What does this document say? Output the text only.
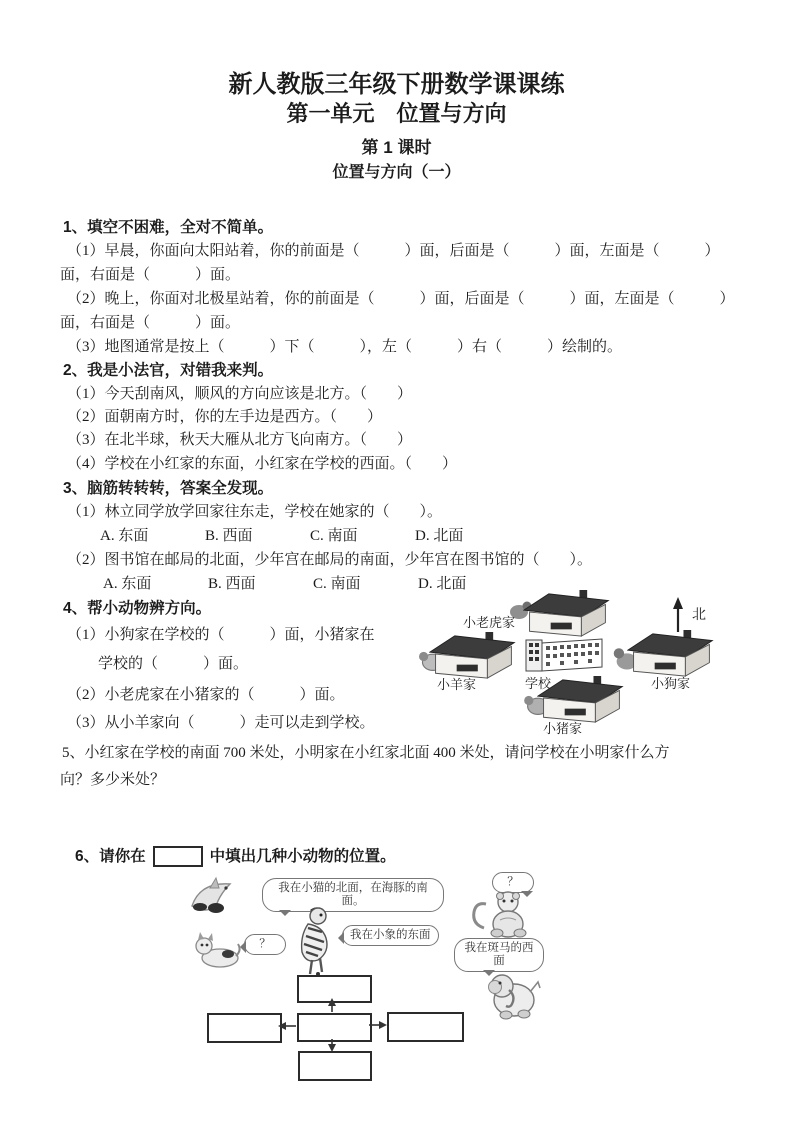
新人教版三年级下册数学课课练
第一单元　位置与方向
第 1 课时
位置与方向（一）
1、填空不困难，全对不简单。
（1）早晨，你面向太阳站着，你的前面是（　　　）面，后面是（　　　）面，左面是（　　　）
面，右面是（　　　）面。
（2）晚上，你面对北极星站着，你的前面是（　　　）面，后面是（　　　）面，左面是（　　　）
面，右面是（　　　）面。
（3）地图通常是按上（　　　）下（　　　），左（　　　）右（　　　）绘制的。
2、我是小法官，对错我来判。
（1）今天刮南风，顺风的方向应该是北方。（　　）
（2）面朝南方时，你的左手边是西方。（　　）
（3）在北半球，秋天大雁从北方飞向南方。（　　）
（4）学校在小红家的东面，小红家在学校的西面。（　　）
3、脑筋转转转，答案全发现。
（1）林立同学放学回家往东走，学校在她家的（　　）。
A. 东面	B. 西面	C. 南面	D. 北面
（2）图书馆在邮局的北面，少年宫在邮局的南面，少年宫在图书馆的（　　）。
A. 东面	B. 西面	C. 南面	D. 北面
4、帮小动物辨方向。
（1）小狗家在学校的（　　　）面，小猪家在
学校的（　　　）面。
（2）小老虎家在小猪家的（　　　）面。
（3）从小羊家向（　　　）走可以走到学校。
北
小老虎家
小羊家	学校	小狗家
小猪家
5、小红家在学校的南面 700 米处，小明家在小红家北面 400 米处，请问学校在小明家什么方
向？多少米处？
6、请你在	中填出几种小动物的位置。
我在小猫的北面，在海豚的南面。
？
？
我在小象的东面
我在斑马的西面
